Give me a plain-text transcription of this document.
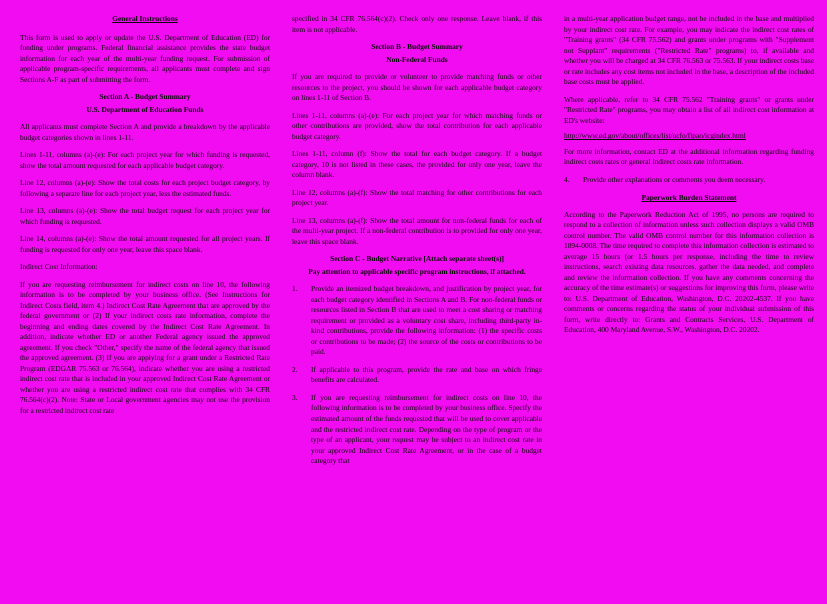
General Instructions

This form is used to apply or update the U.S. Department of Education (ED) for funding under programs. Federal financial assistance provides the state budget information for each year of the multi-year funding request. For submission of applicable program-specific requirements, all applicants must complete and sign Sections A-F as part of submitting the form.

Section A - Budget Summary

U.S. Department of Education Funds

All applicants must complete Section A and provide a breakdown by the applicable budget categories shown in lines 1-11.

Lines 1-11, columns (a)-(e): For each project year for which funding is requested, show the total amount requested for each applicable budget category.

Line 12, columns (a)-(e): Show the total costs for each project budget category, by following a separate line for each project year, less the estimated funds.

Line 13, columns (a)-(e): Show the total budget request for each project year for which funding is requested.

Line 14, columns (a)-(e): Show the total amount requested for all project years. If funding is requested for only one year, leave this space blank.

Indirect Cost Information:

If you are requesting reimbursement for indirect costs on line 10, the following information is to be completed by your business office. (See Instructions for Indirect Costs field, item 4.) Indirect Cost Rate Agreement that are approved by the federal government or (2) If your indirect costs rate information, complete the beginning and ending dates covered by the Indirect Cost Rate Agreement. In addition, indicate whether ED or another Federal agency issued the approved agreement. If you check "Other," specify the name of the federal agency that issued the approved agreement. (3) If you are applying for a grant under a Restricted Rate Program (EDGAR 75.563 or 76.564), indicate whether you are using a restricted indirect cost rate that is included in your approved Indirect Cost Rate Agreement or whether you are using a restricted indirect cost rate that complies with 34 CFR 76.564(c)(2). Note: State or Local government agencies may not use the provision for a restricted indirect cost rate

specified in 34 CFR 76.564(c)(2). Check only one response. Leave blank, if this item is not applicable.

Section B - Budget Summary

Non-Federal Funds

If you are required to provide or volunteer to provide matching funds or other resources to the project, you should be shown for each applicable budget category on lines 1-11 of Section B.

Lines 1-11, columns (a)-(e): For each project year for which matching funds or other contributions are provided, show the total contribution for each applicable budget category.

Lines 1-11, column (f): Show the total for each budget category. If a budget category, 10 is not listed in these cases, the provided for only one year, leave the column blank.

Line 12, columns (a)-(f): Show the total matching for other contributions for each project year.

Line 13, columns (a)-(f): Show the total amount for non-federal funds for each of the multi-year project. If a non-federal contribution is to provided for only one year, leave this space blank.

Section C - Budget Narrative [Attach separate sheet(s)]

Pay attention to applicable specific program instructions, if attached.

1.	Provide an itemized budget breakdown, and justification by project year, for each budget category identified in Sections A and B. For non-federal funds or resources listed in Section B that are used to meet a cost sharing or matching requirement or provided as a voluntary cost share, including third-party in-kind contributions, provide the following information: (1) the specific costs or contributions to be made; (2) the source of the costs or contributions to be paid.
2.	If applicable to this program, provide the rate and base on which fringe benefits are calculated.
3.	If you are requesting reimbursement for indirect costs on line 10, the following information is to be completed by your business office. Specify the estimated amount of the funds requested that will be used to cover applicable and the restricted indirect cost rate. Depending on the type of program or the type of an applicant, your request may be subject to an indirect cost rate in your approved Indirect Cost Rate Agreement, or in the case of a budget category that

in a multi-year application budget range, not be included in the base and multiplied by your indirect cost rate. For example, you may indicate the indirect cost rates of "Training grants" (34 CFR 75.562) and grants under programs with "Supplement not Supplant" requirements ("Restricted Rate" programs) to, if available and whether you will be charged at 34 CFR 76.563 or 75.563. If your indirect costs base or rate includes any cost items not included in the base, a description of the included base costs must be applied.

Where applicable, refer to 34 CFR 75.562 "Training grants" or grants under "Restricted Rate" programs, you may obtain a list of all indirect cost information at ED's website:

http://www.ed.gov/about/offices/list/ocfo/fipao/icgindex.html

For more information, contact ED at the additional information regarding funding indirect costs rates or general indirect costs rate information.

4.	Provide other explanations or comments you deem necessary.

Paperwork Burden Statement

According to the Paperwork Reduction Act of 1995, no persons are required to respond to a collection of information unless such collection displays a valid OMB control number. The valid OMB control number for this information collection is 1894-0008. The time required to complete this information collection is estimated to average 15 hours (or 1.5 hours per response, including the time to review instructions, search existing data resources, gather the data needed, and complete and review the information collection. If you have any comments concerning the accuracy of the time estimate(s) or suggestions for improving this form, please write to: U.S. Department of Education, Washington, D.C. 20202-4537. If you have comments or concerns regarding the status of your individual submission of this form, write directly to: Grants and Contracts Services, U.S. Department of Education, 400 Maryland Avenue, S.W., Washington, D.C. 20202.
